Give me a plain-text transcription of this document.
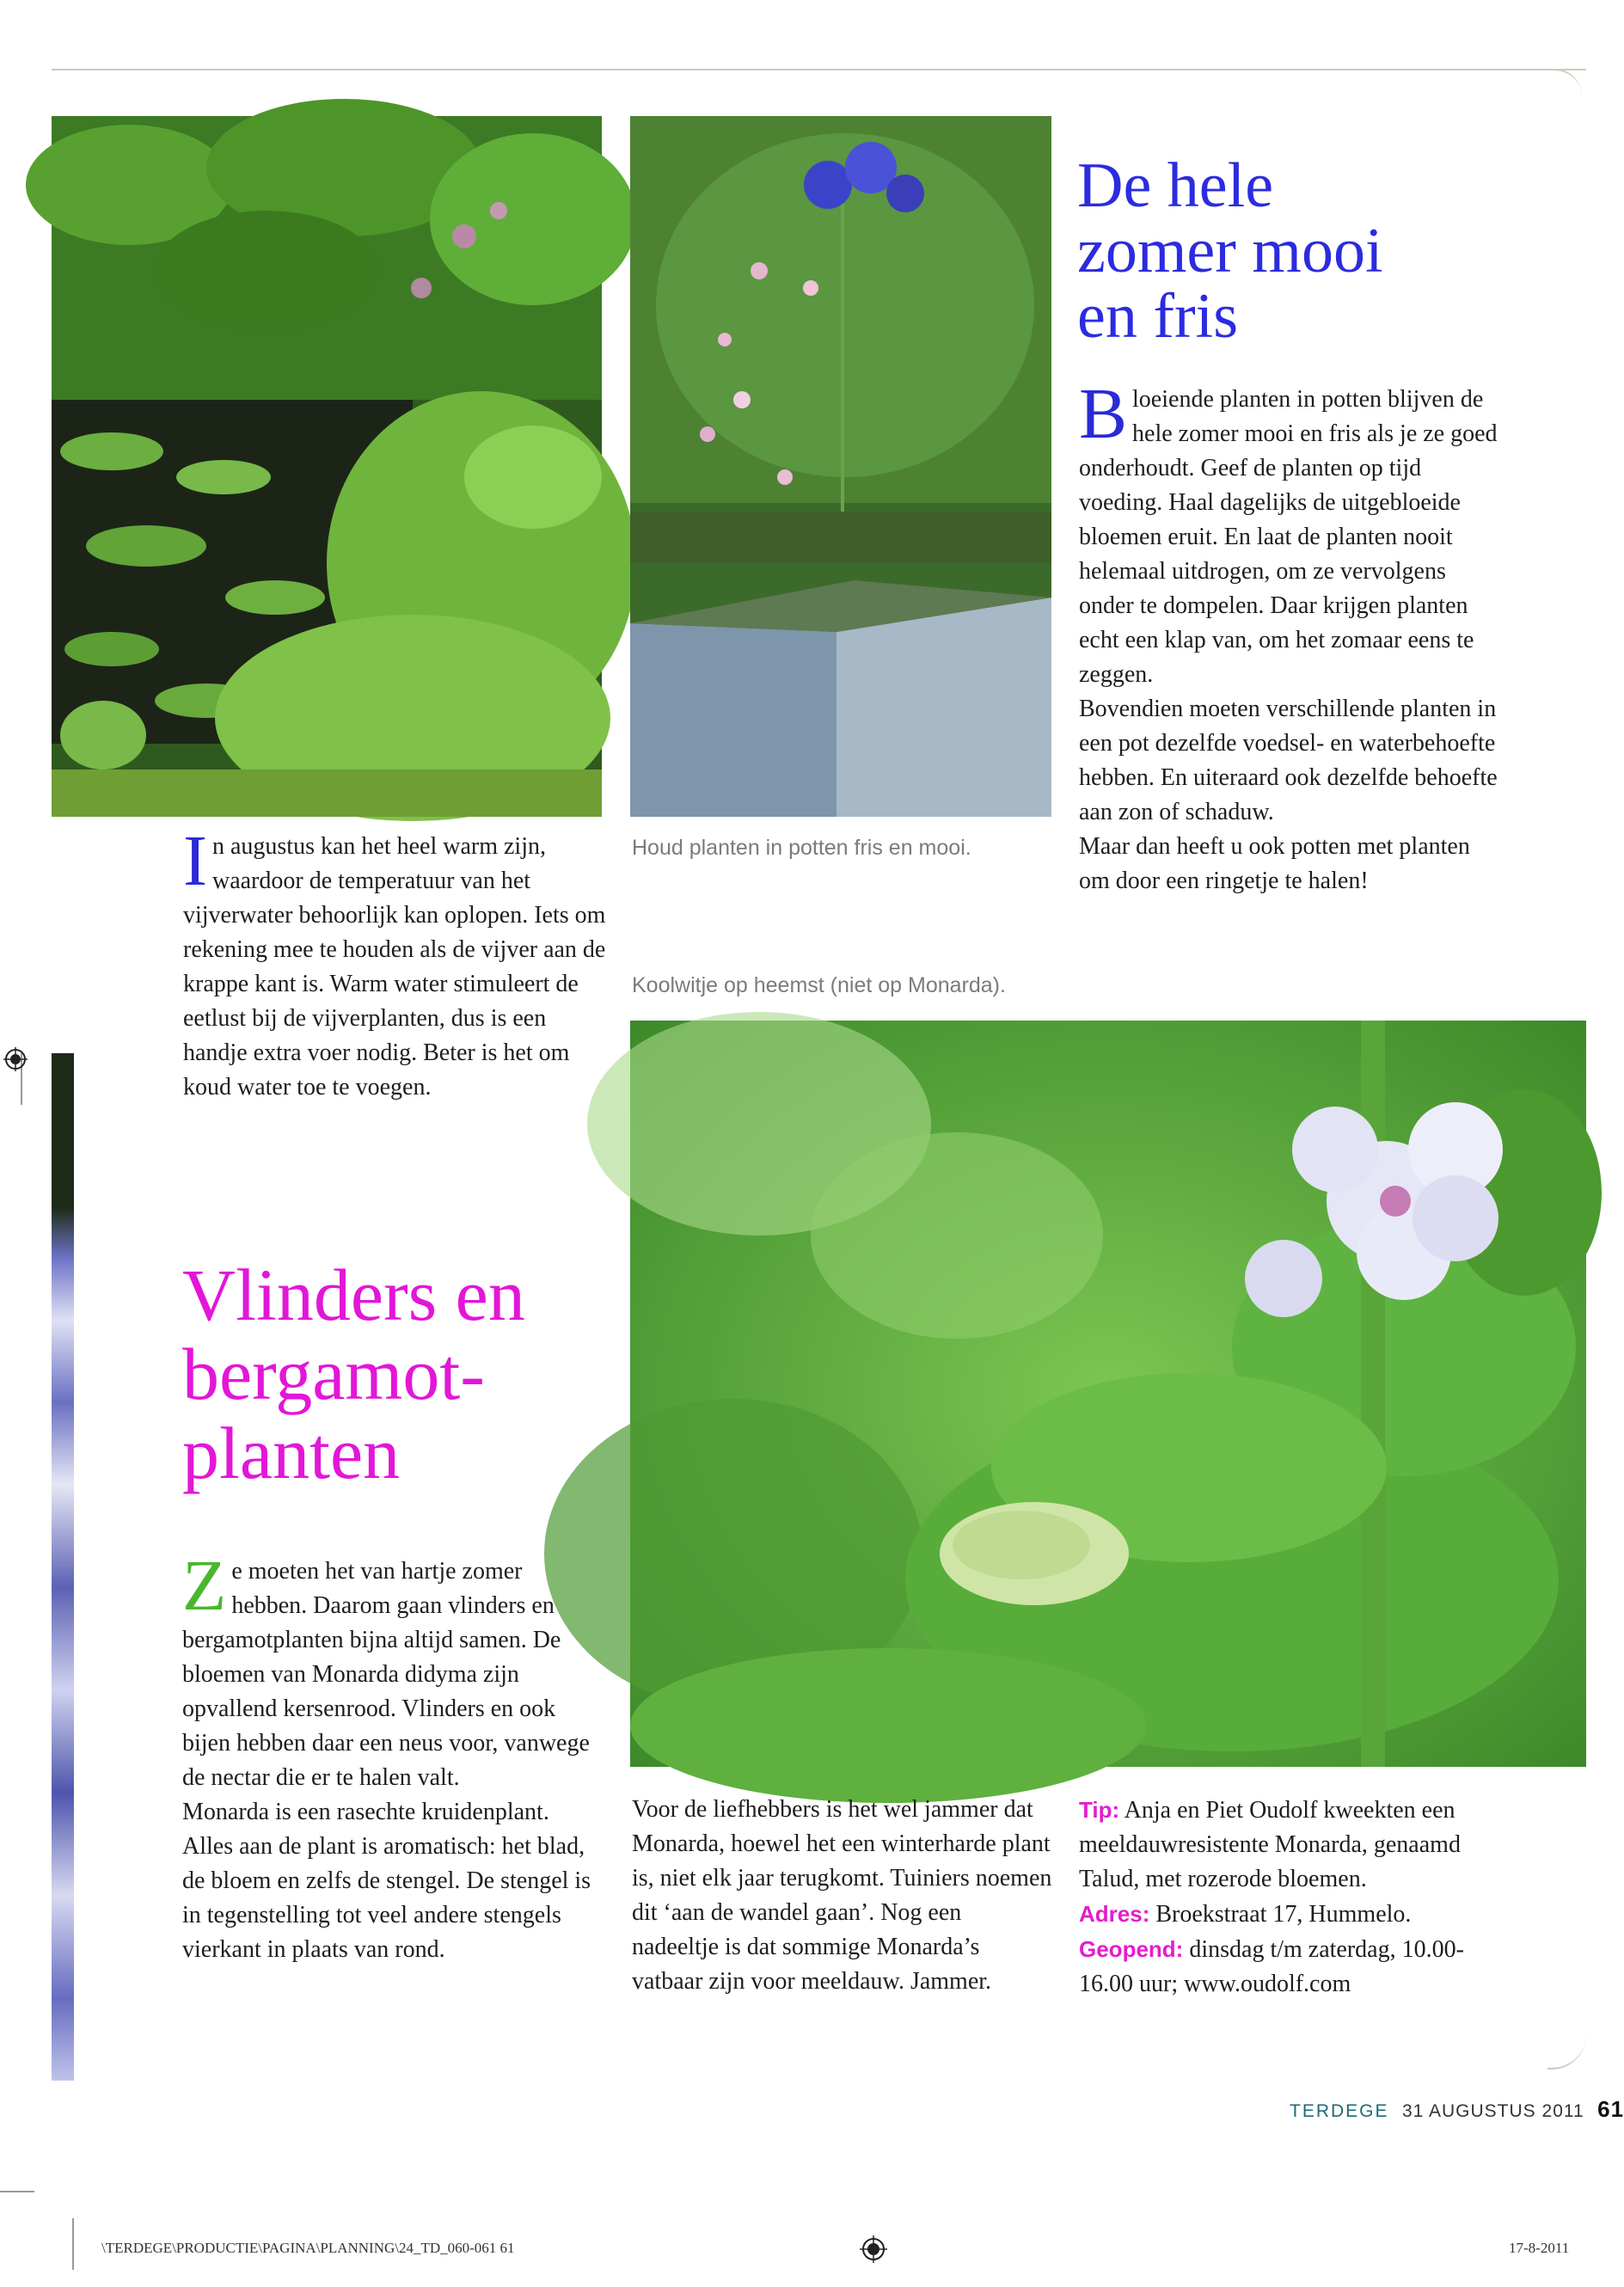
De hele
zomer mooi
en fris

Bloeiende planten in potten blijven de hele zomer mooi en fris als je ze goed onderhoudt. Geef de planten op tijd voeding. Haal dagelijks de uitgebloeide bloemen eruit. En laat de planten nooit helemaal uitdrogen, om ze vervolgens onder te dompelen. Daar krijgen planten echt een klap van, om het zomaar eens te zeggen.

Bovendien moeten verschillende planten in een pot dezelfde voedsel- en waterbehoefte hebben. En uiteraard ook dezelfde behoefte aan zon of schaduw.

Maar dan heeft u ook potten met planten om door een ringetje te halen!

In augustus kan het heel warm zijn, waardoor de temperatuur van het vijverwater behoorlijk kan oplopen. Iets om rekening mee te houden als de vijver aan de krappe kant is. Warm water stimuleert de eetlust bij de vijverplanten, dus is een handje extra voer nodig. Beter is het om koud water toe te voegen.

Houd planten in potten fris en mooi.
Koolwitje op heemst (niet op Monarda).
Vlinders en
bergamot-
planten

Ze moeten het van hartje zomer hebben. Daarom gaan vlinders en bergamotplanten bijna altijd samen. De bloemen van Monarda didyma zijn opvallend kersenrood. Vlinders en ook bijen hebben daar een neus voor, vanwege de nectar die er te halen valt.

Monarda is een rasechte kruidenplant. Alles aan de plant is aromatisch: het blad, de bloem en zelfs de stengel. De stengel is in tegenstelling tot veel andere stengels vierkant in plaats van rond.

Voor de liefhebbers is het wel jammer dat Monarda, hoewel het een winterharde plant is, niet elk jaar terugkomt. Tuiniers noemen dit ‘aan de wandel gaan’. Nog een nadeeltje is dat sommige Monarda’s vatbaar zijn voor meeldauw. Jammer.

Tip: Anja en Piet Oudolf kweekten een meeldauwresistente Monarda, genaamd Talud, met rozerode bloemen.

Adres: Broekstraat 17, Hummelo.

Geopend: dinsdag t/m zaterdag, 10.00-16.00 uur; www.oudolf.com

TERDEGE 31 AUGUSTUS 2011 61
\TERDEGE\PRODUCTIE\PAGINA\PLANNING\24_TD_060-061 61	17-8-2011
